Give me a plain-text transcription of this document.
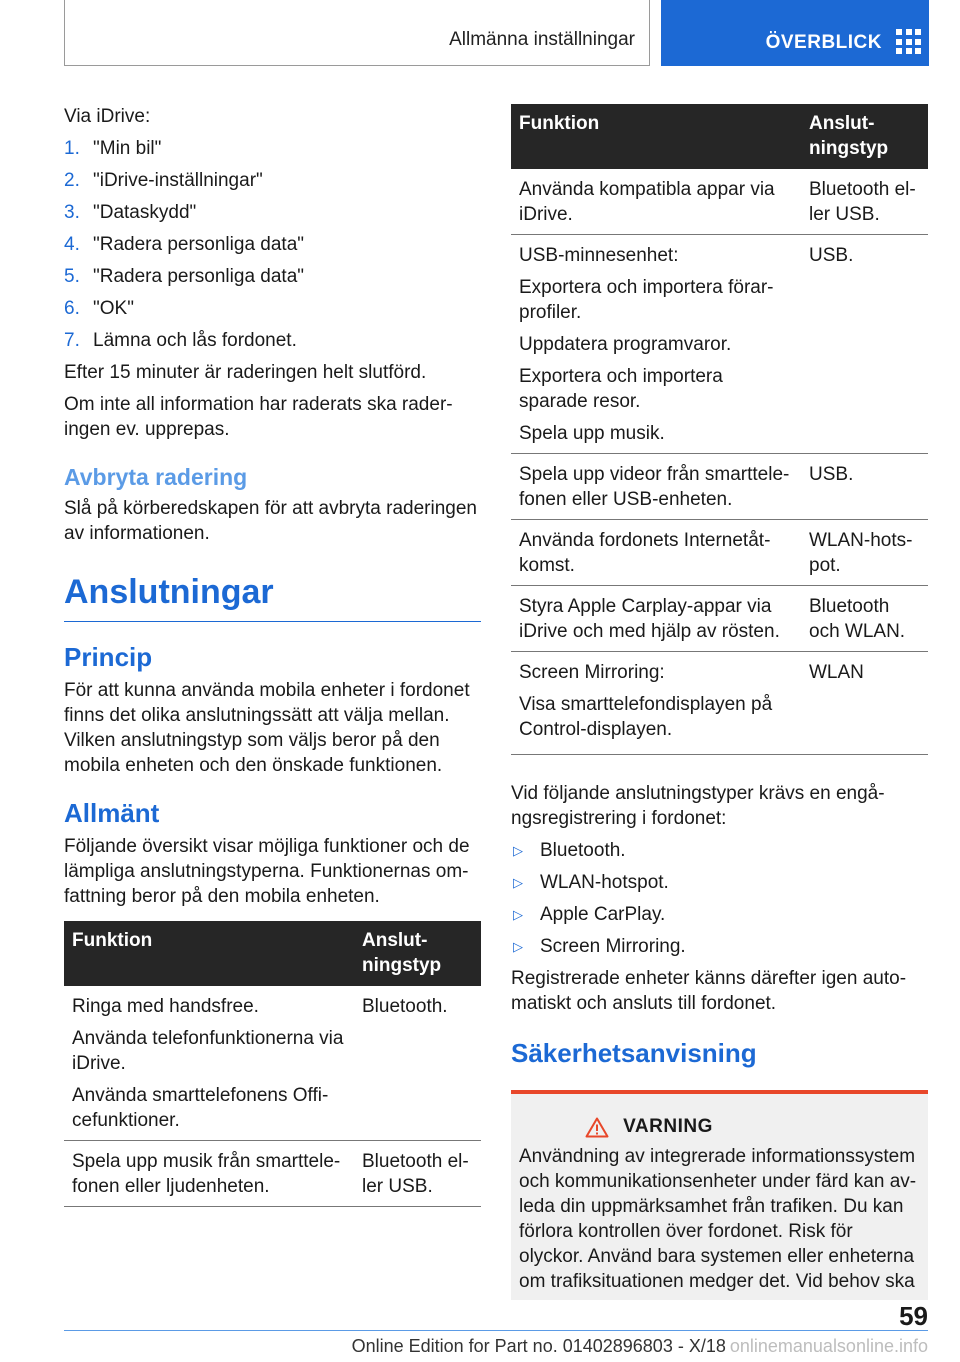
Allmänna inställningar	ÖVERBLICK

Via iDrive:

1. "Min bil"
2. "iDrive-inställningar"
3. "Dataskydd"
4. "Radera personliga data"
5. "Radera personliga data"
6. "OK"
7. Lämna och lås fordonet.

Efter 15 minuter är raderingen helt slutförd.

Om inte all information har raderats ska raderingen ev. upprepas.

Avbryta radering

Slå på körberedskapen för att avbryta raderingen av informationen.

Anslutningar
Princip

För att kunna använda mobila enheter i fordonet finns det olika anslutningssätt att välja mellan. Vilken anslutningstyp som väljs beror på den mobila enheten och den önskade funktionen.

Allmänt

Följande översikt visar möjliga funktioner och de lämpliga anslutningstyperna. Funktionernas omfattning beror på den mobila enheten.

Funktion	Anslutningstyp

Ringa med handsfree.
Använda telefonfunktionerna via iDrive.
Använda smarttelefonens Officefunktioner.	Bluetooth.

Spela upp musik från smarttelefonen eller ljudenheten.	Bluetooth eller USB.
Funktion	Anslutningstyp

Använda kompatibla appar via iDrive.	Bluetooth eller USB.

USB-minnesenhet:
Exportera och importera förarprofiler.
Uppdatera programvaror.
Exportera och importera sparade resor.
Spela upp musik.	USB.

Spela upp videor från smarttelefonen eller USB-enheten.	USB.

Använda fordonets Internetåtkomst.	WLAN-hotspot.

Styra Apple Carplay-appar via iDrive och med hjälp av rösten.	Bluetooth och WLAN.

Screen Mirroring:
Visa smarttelefondisplayen på Control-displayen.	WLAN

Vid följande anslutningstyper krävs en engångsregistrering i fordonet:

▷ Bluetooth.
▷ WLAN-hotspot.
▷ Apple CarPlay.
▷ Screen Mirroring.

Registrerade enheter känns därefter igen automatiskt och ansluts till fordonet.

Säkerhetsanvisning
VARNING

Användning av integrerade informationssystem och kommunikationsenheter under färd kan avleda din uppmärksamhet från trafiken. Du kan förlora kontrollen över fordonet. Risk för olyckor. Använd bara systemen eller enheterna om trafiksituationen medger det. Vid behov ska

59
Online Edition for Part no. 01402896803 - X/18 onlinemanualsonline.info
